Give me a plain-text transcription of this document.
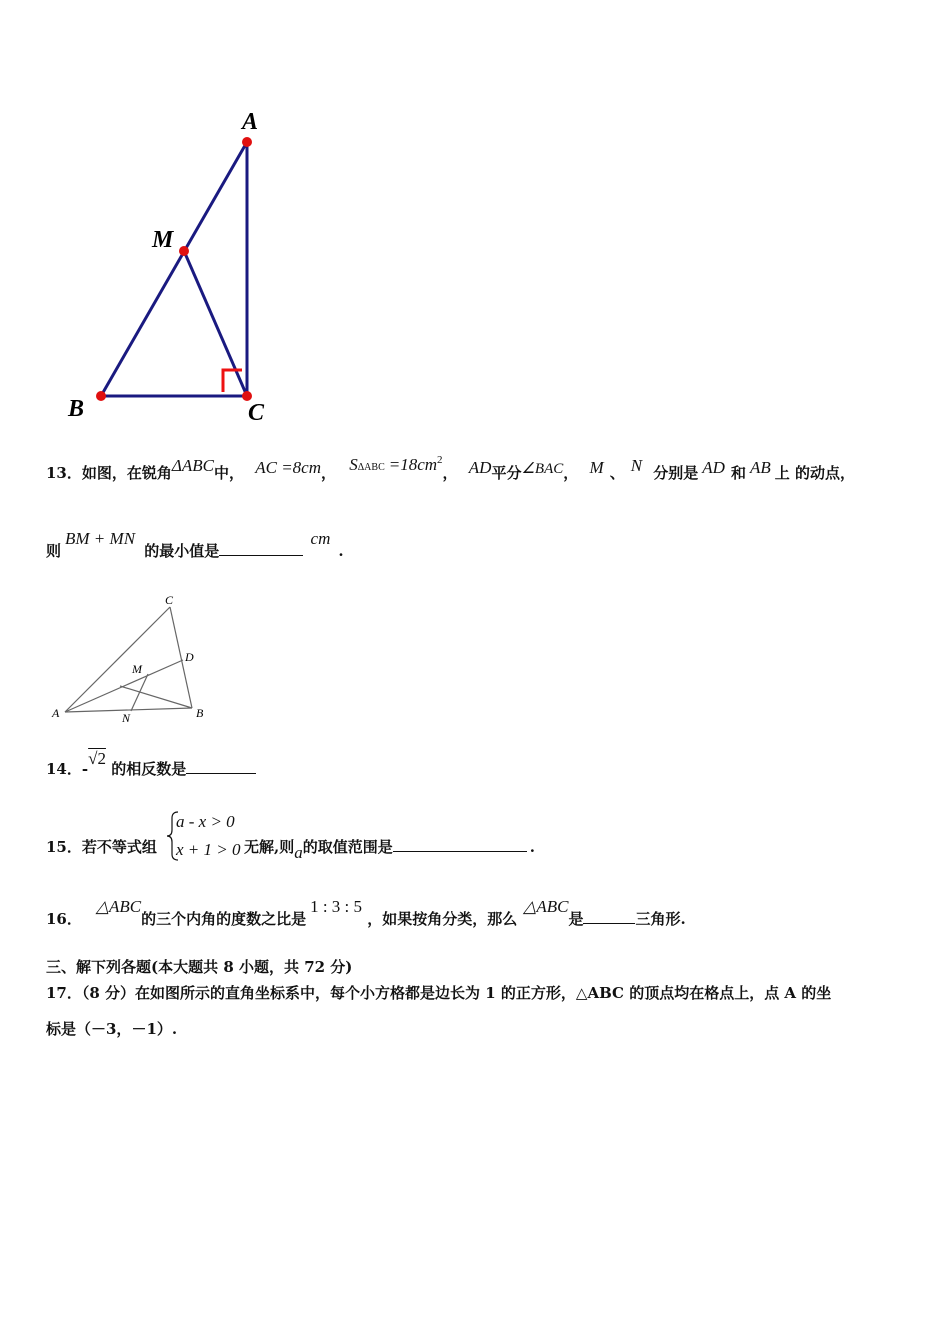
A
M
B	C
13．如图，在锐角ΔABC中， AC =8cm， $S\Delta ABC =18cm^2$， AD平分∠BAC， M 、 N 分别是 AD 和 AB 上 的动点，
则BM + MN 的最小值是 cm.
C
D
M
A	N	B
14．-√2 的相反数是
15．若不等式组
a - x > 0
x + 1 > 0 无解,则a的取值范围是	.
16．△ABC的三个内角的度数之比是1 : 3 : 5 ，如果按角分类，那么△ABC是	三角形.
三、解下列各题(本大题共 8 小题，共 72 分)
17．（8 分）在如图所示的直角坐标系中，每个小方格都是边长为 1 的正方形，△ABC 的顶点均在格点上，点 A 的坐
标是（－3，－1）.
